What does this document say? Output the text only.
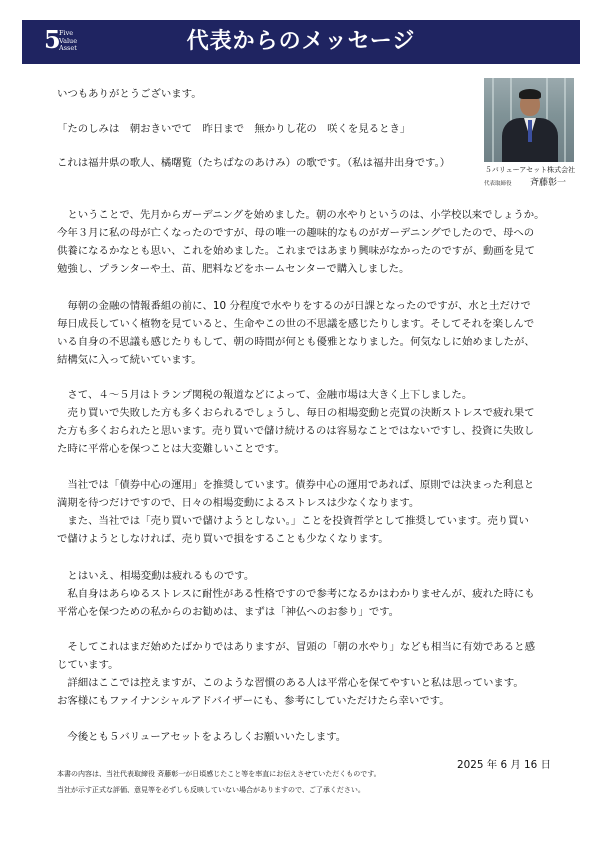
5
Five
Value
Asset	代表からのメッセージ
５バリューアセット株式会社
代表取締役 斉藤彰一

いつもありがとうございます。

「たのしみは　朝おきいでて　昨日まで　無かりし花の　咲くを見るとき」

これは福井県の歌人、橘曙覧（たちばなのあけみ）の歌です。（私は福井出身です。）

　ということで、先月からガーデニングを始めました。朝の水やりというのは、小学校以来でしょうか。
今年３月に私の母が亡くなったのですが、母の唯一の趣味的なものがガーデニングでしたので、母への
供養になるかなとも思い、これを始めました。これまではあまり興味がなかったのですが、動画を見て
勉強し、プランターや土、苗、肥料などをホームセンターで購入しました。

　毎朝の金融の情報番組の前に、10 分程度で水やりをするのが日課となったのですが、水と土だけで
毎日成長していく植物を見ていると、生命やこの世の不思議を感じたりします。そしてそれを楽しんで
いる自身の不思議も感じたりもして、朝の時間が何とも優雅となりました。何気なしに始めましたが、
結構気に入って続いています。

　さて、４～５月はトランプ関税の報道などによって、金融市場は大きく上下しました。
　売り買いで失敗した方も多くおられるでしょうし、毎日の相場変動と売買の決断ストレスで疲れ果て
た方も多くおられたと思います。売り買いで儲け続けるのは容易なことではないですし、投資に失敗し
た時に平常心を保つことは大変難しいことです。

　当社では「債券中心の運用」を推奨しています。債券中心の運用であれば、原則では決まった利息と
満期を待つだけですので、日々の相場変動によるストレスは少なくなります。
　また、当社では「売り買いで儲けようとしない。」ことを投資哲学として推奨しています。売り買い
で儲けようとしなければ、売り買いで損をすることも少なくなります。

　とはいえ、相場変動は疲れるものです。
　私自身はあらゆるストレスに耐性がある性格ですので参考になるかはわかりませんが、疲れた時にも
平常心を保つための私からのお勧めは、まずは「神仏へのお参り」です。

　そしてこれはまだ始めたばかりではありますが、冒頭の「朝の水やり」なども相当に有効であると感
じています。
　詳細はここでは控えますが、このような習慣のある人は平常心を保てやすいと私は思っています。
お客様にもファイナンシャルアドバイザーにも、参考にしていただけたら幸いです。

　今後とも５バリューアセットをよろしくお願いいたします。

2025 年 6 月 16 日

本書の内容は、当社代表取締役 斉藤彰一が日頃感じたこと等を率直にお伝えさせていただくものです。

当社が示す正式な評価、意見等を必ずしも反映していない場合がありますので、ご了承ください。
